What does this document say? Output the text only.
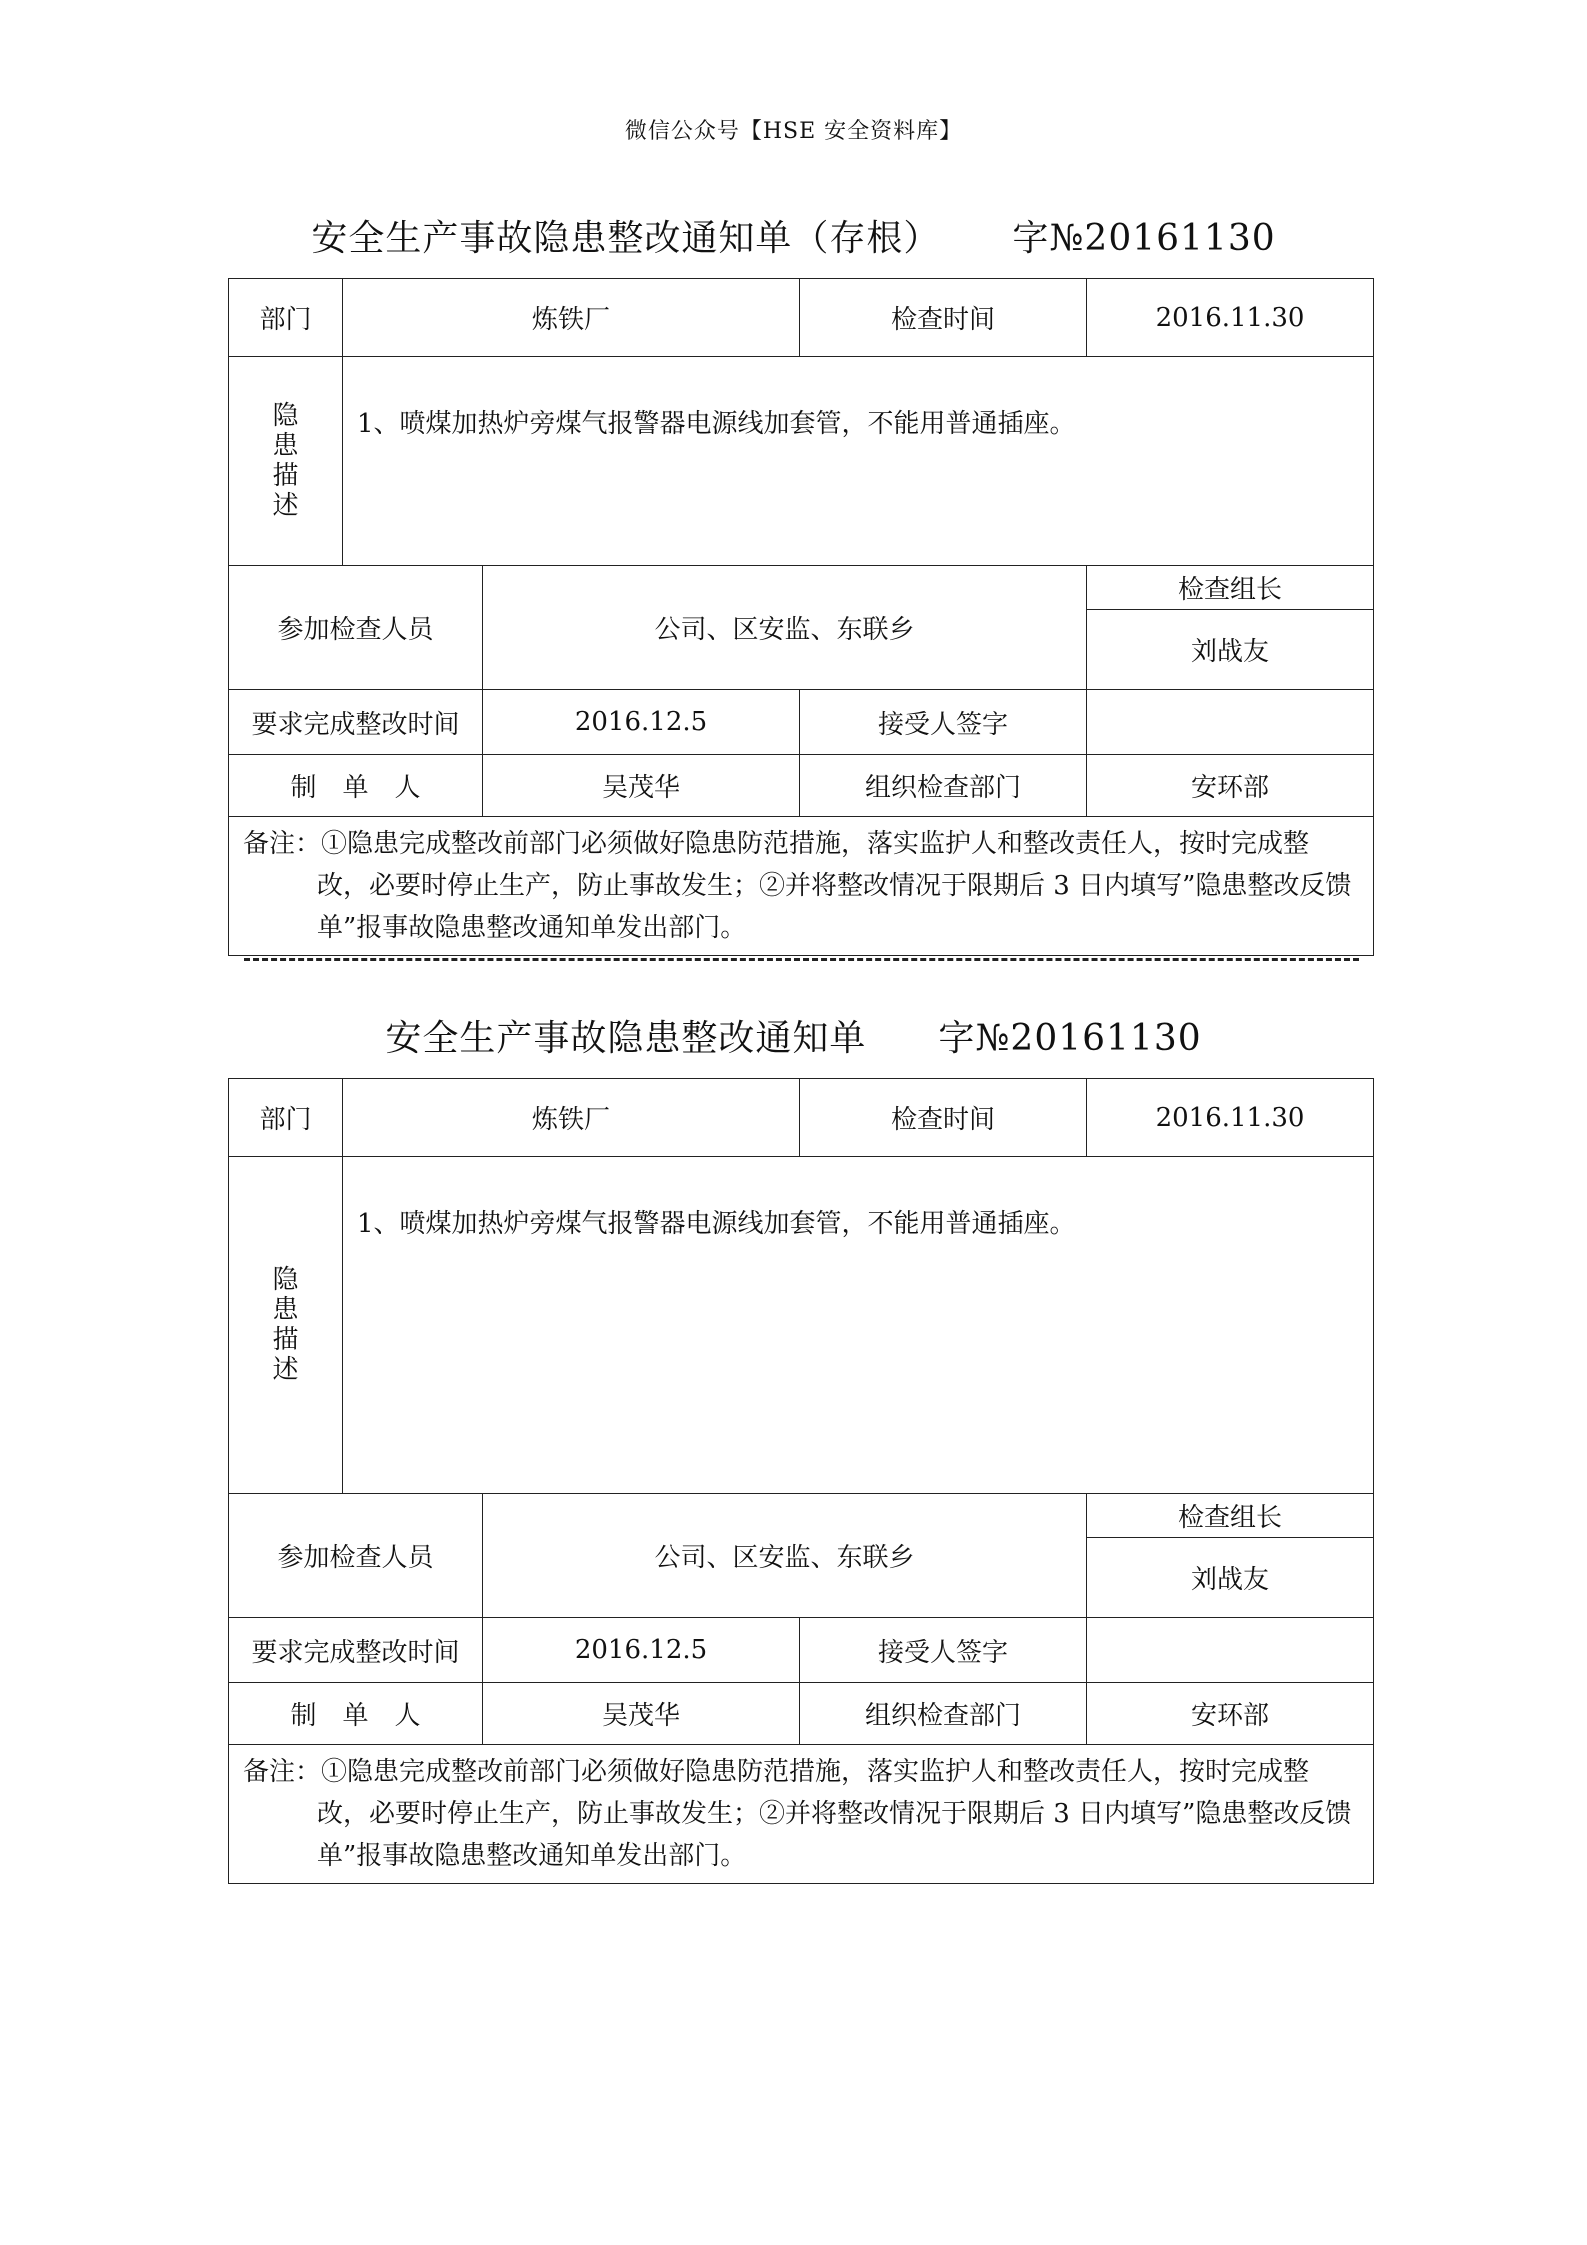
微信公众号【HSE 安全资料库】
安全生产事故隐患整改通知单（存根） 字№20161130
部门	炼铁厂		检查时间	2016.11.30

隐
患
描
述	1、喷煤加热炉旁煤气报警器电源线加套管，不能用普通插座。			
参加检查人员		公司、区安监、东联乡		检查组长
				刘战友
要求完成整改时间		2016.12.5	接受人签字	
制　单　人		吴茂华	组织检查部门	安环部

备注：①隐患完成整改前部门必须做好隐患防范措施，落实监护人和整改责任人，按时完成整改，必要时停止生产，防止事故发生；②并将整改情况于限期后 3 日内填写”隐患整改反馈单”报事故隐患整改通知单发出部门。				
安全生产事故隐患整改通知单 字№20161130
部门	炼铁厂		检查时间	2016.11.30

隐
患
描
述	1、喷煤加热炉旁煤气报警器电源线加套管，不能用普通插座。			
参加检查人员		公司、区安监、东联乡		检查组长
				刘战友
要求完成整改时间		2016.12.5	接受人签字	
制　单　人		吴茂华	组织检查部门	安环部

备注：①隐患完成整改前部门必须做好隐患防范措施，落实监护人和整改责任人，按时完成整改，必要时停止生产，防止事故发生；②并将整改情况于限期后 3 日内填写”隐患整改反馈单”报事故隐患整改通知单发出部门。				
